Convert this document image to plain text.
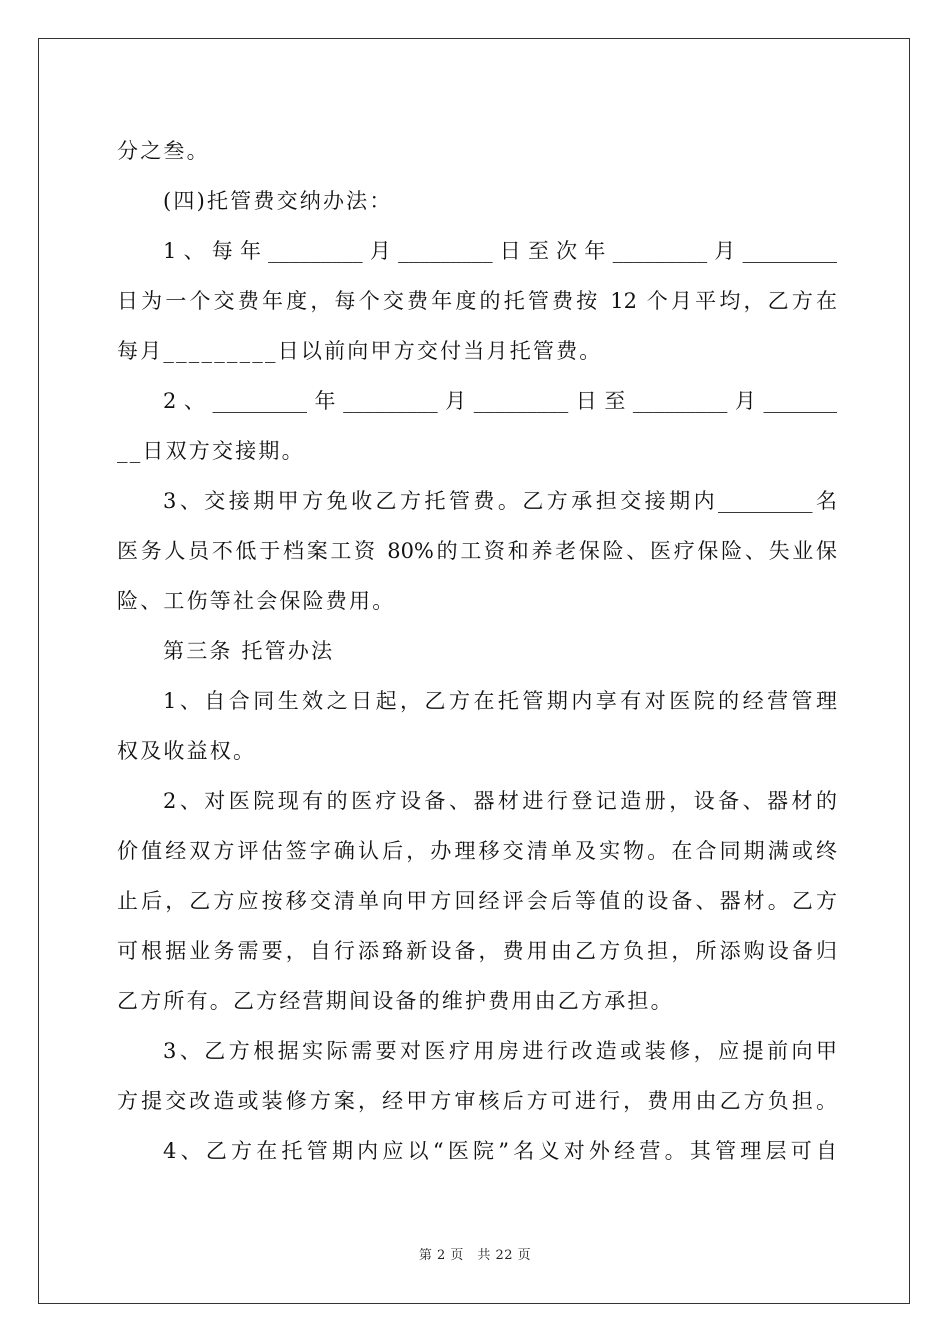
分之叁。
(四)托管费交纳办法：
1、每年_________月_________日至次年_________月_________
日为一个交费年度，每个交费年度的托管费按 12 个月平均，乙方在
每月_________日以前向甲方交付当月托管费。
2、_________年_________月_________日至_________月_______
__日双方交接期。
3、交接期甲方免收乙方托管费。乙方承担交接期内_________名
医务人员不低于档案工资 80%的工资和养老保险、医疗保险、失业保
险、工伤等社会保险费用。
第三条 托管办法
1、自合同生效之日起，乙方在托管期内享有对医院的经营管理
权及收益权。
2、对医院现有的医疗设备、器材进行登记造册，设备、器材的
价值经双方评估签字确认后，办理移交清单及实物。在合同期满或终
止后，乙方应按移交清单向甲方回经评会后等值的设备、器材。乙方
可根据业务需要，自行添臵新设备，费用由乙方负担，所添购设备归
乙方所有。乙方经营期间设备的维护费用由乙方承担。
3、乙方根据实际需要对医疗用房进行改造或装修，应提前向甲
方提交改造或装修方案，经甲方审核后方可进行，费用由乙方负担。
4、乙方在托管期内应以“医院”名义对外经营。其管理层可自
第 2 页　共 22 页
